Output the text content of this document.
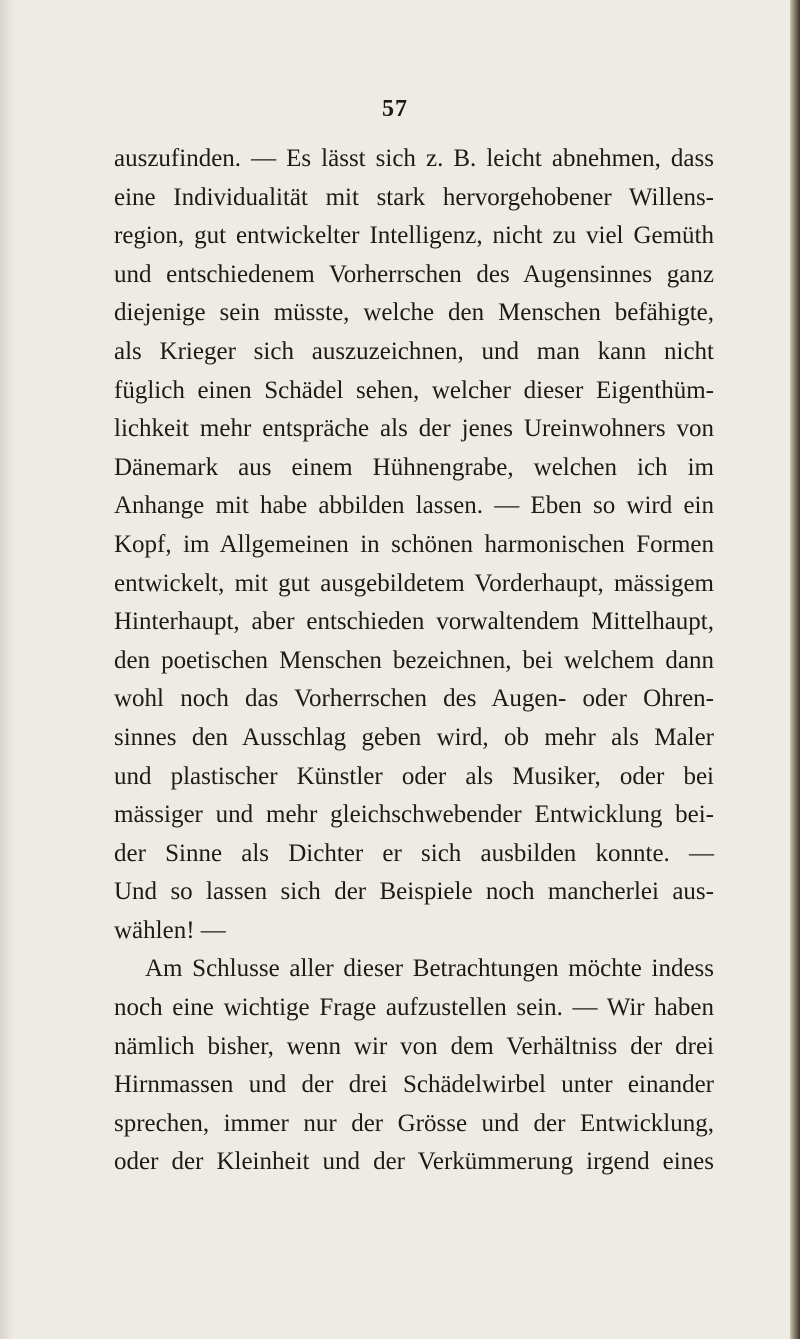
57
auszufinden. — Es lässt sich z. B. leicht abnehmen, dass
eine Individualität mit stark hervorgehobener Willens-
region, gut entwickelter Intelligenz, nicht zu viel Gemüth
und entschiedenem Vorherrschen des Augensinnes ganz
diejenige sein müsste, welche den Menschen befähigte,
als Krieger sich auszuzeichnen, und man kann nicht
füglich einen Schädel sehen, welcher dieser Eigenthüm-
lichkeit mehr entspräche als der jenes Ureinwohners von
Dänemark aus einem Hühnengrabe, welchen ich im
Anhange mit habe abbilden lassen. — Eben so wird ein
Kopf, im Allgemeinen in schönen harmonischen Formen
entwickelt, mit gut ausgebildetem Vorderhaupt, mässigem
Hinterhaupt, aber entschieden vorwaltendem Mittelhaupt,
den poetischen Menschen bezeichnen, bei welchem dann
wohl noch das Vorherrschen des Augen- oder Ohren-
sinnes den Ausschlag geben wird, ob mehr als Maler
und plastischer Künstler oder als Musiker, oder bei
mässiger und mehr gleichschwebender Entwicklung bei-
der Sinne als Dichter er sich ausbilden konnte. —
Und so lassen sich der Beispiele noch mancherlei aus-
wählen! —
Am Schlusse aller dieser Betrachtungen möchte indess
noch eine wichtige Frage aufzustellen sein. — Wir haben
nämlich bisher, wenn wir von dem Verhältniss der drei
Hirnmassen und der drei Schädelwirbel unter einander
sprechen, immer nur der Grösse und der Entwicklung,
oder der Kleinheit und der Verkümmerung irgend eines
